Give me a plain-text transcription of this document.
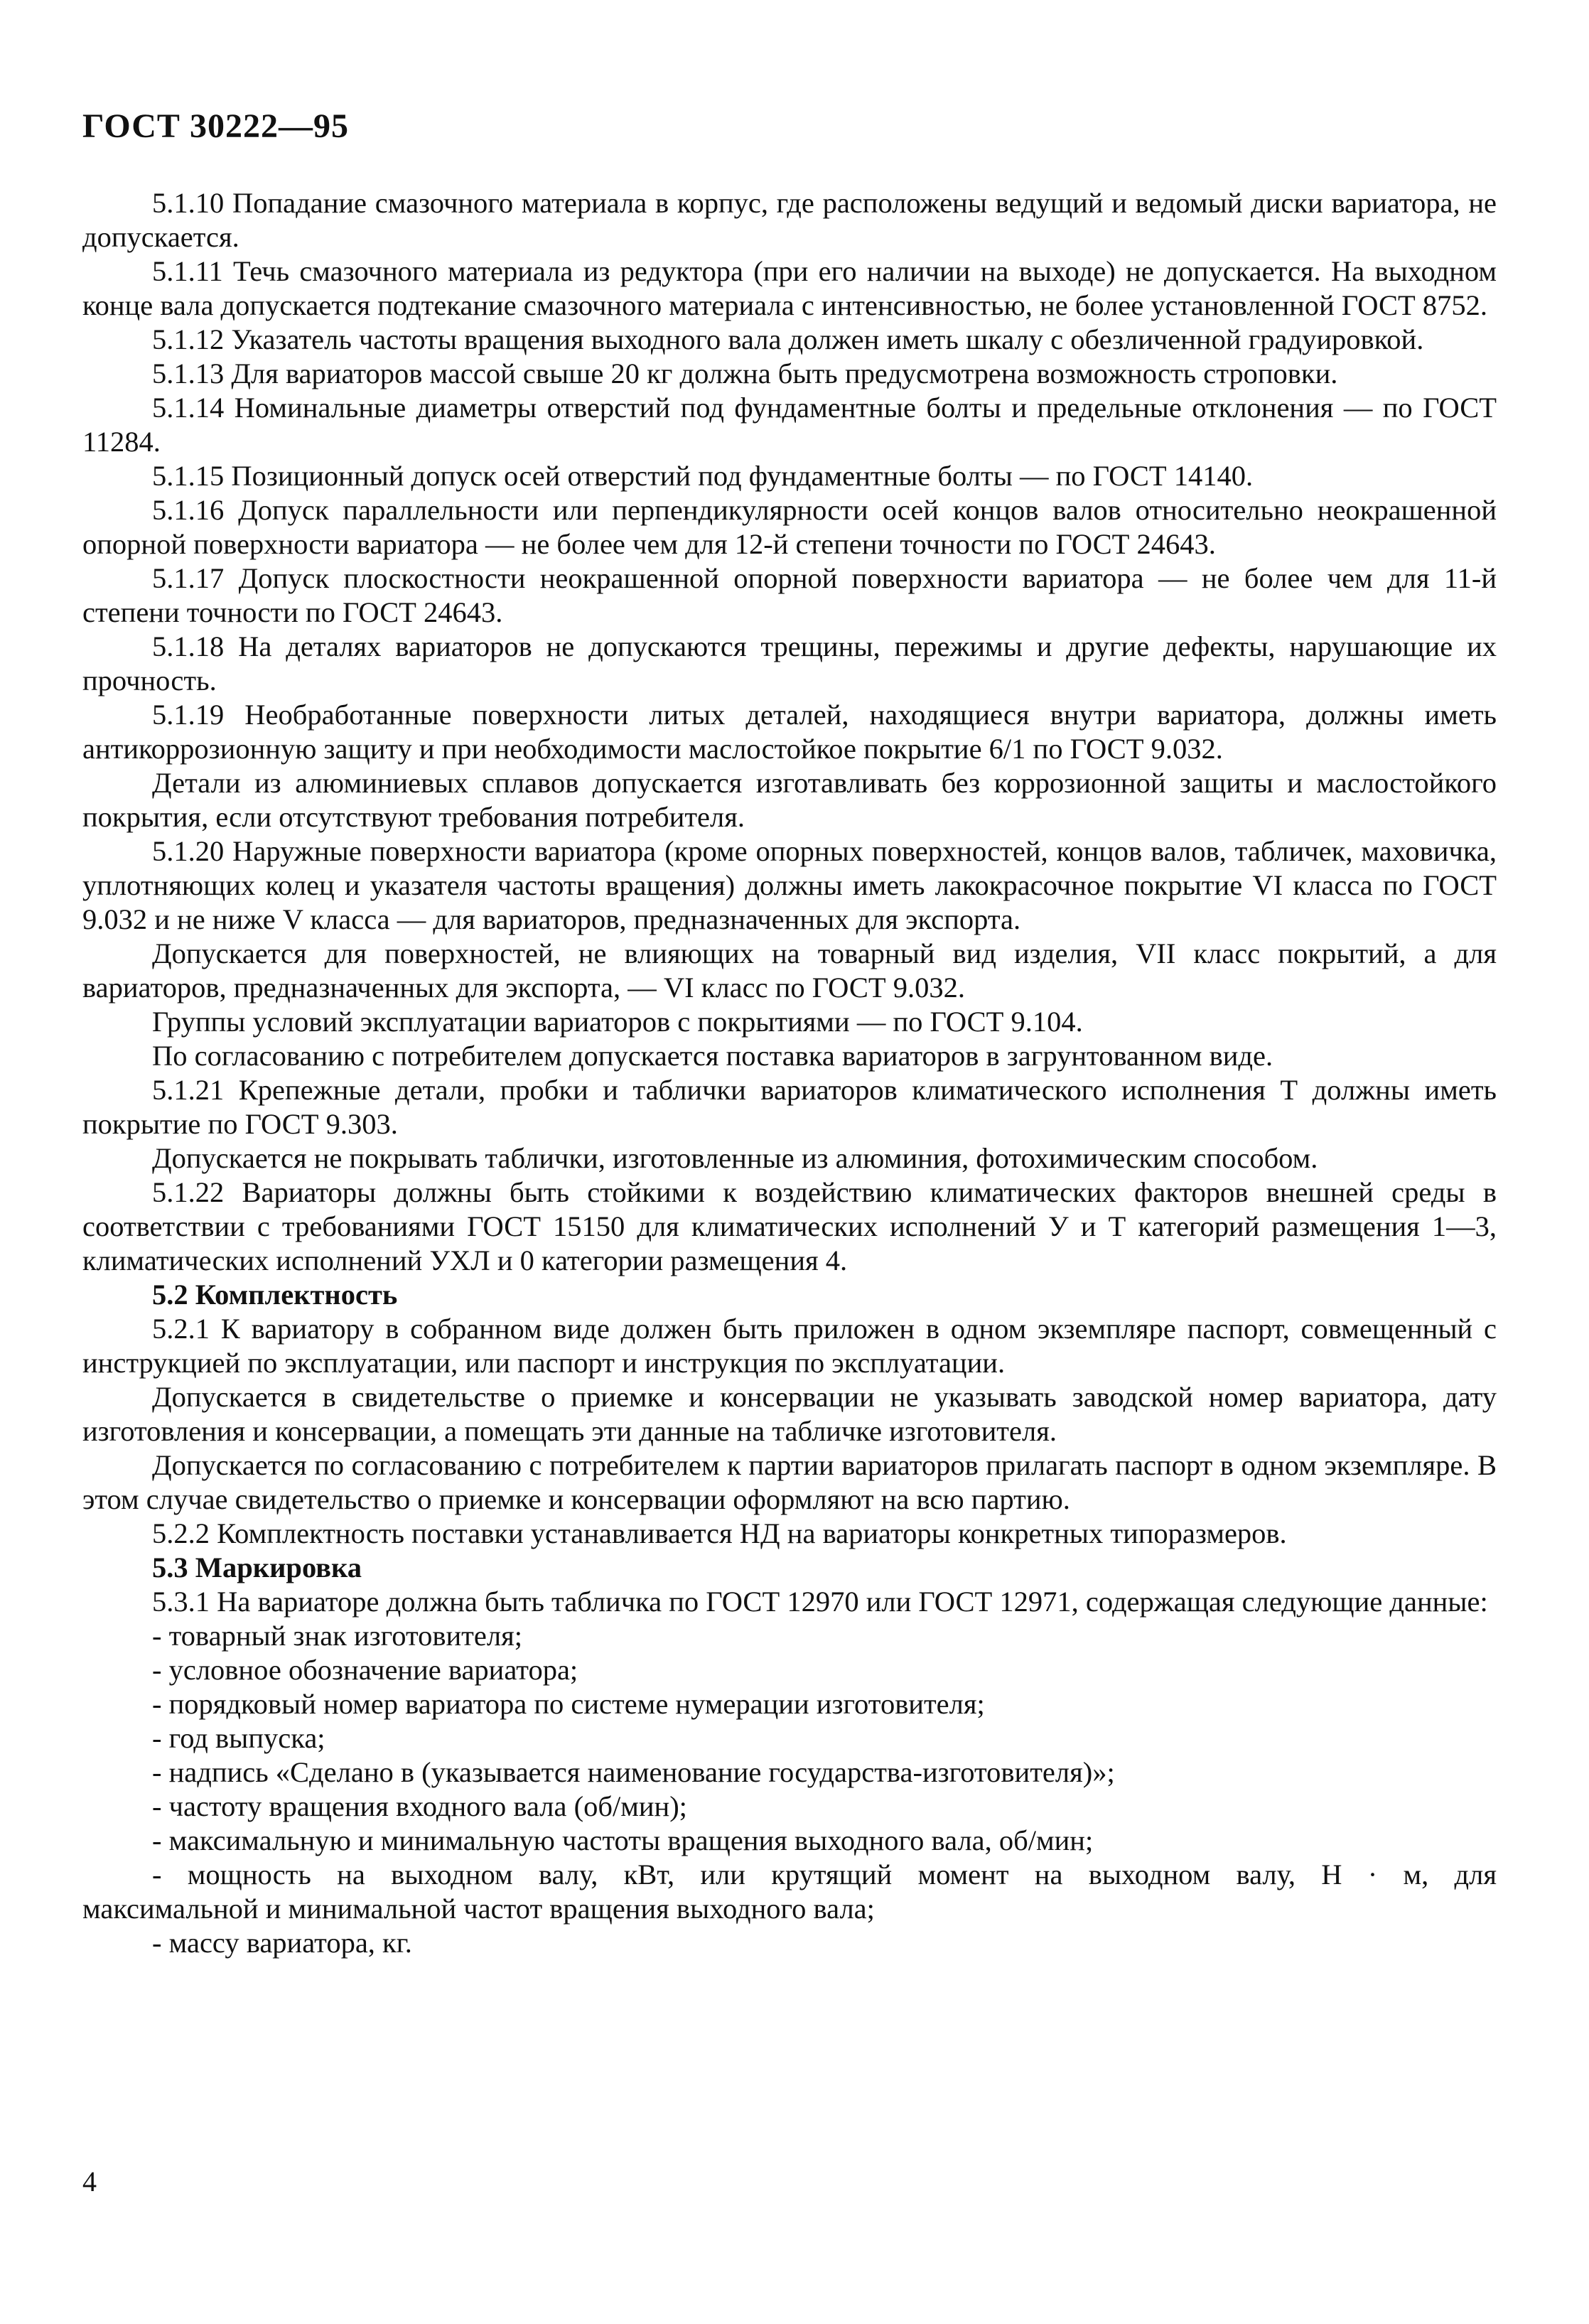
ГОСТ 30222—95

5.1.10 Попадание смазочного материала в корпус, где расположены ведущий и ведомый диски вариатора, не допускается.

5.1.11 Течь смазочного материала из редуктора (при его наличии на выходе) не допускается. На выходном конце вала допускается подтекание смазочного материала с интенсивностью, не более установленной ГОСТ 8752.

5.1.12 Указатель частоты вращения выходного вала должен иметь шкалу с обезличенной градуировкой.

5.1.13 Для вариаторов массой свыше 20 кг должна быть предусмотрена возможность строповки.

5.1.14 Номинальные диаметры отверстий под фундаментные болты и предельные отклонения — по ГОСТ 11284.

5.1.15 Позиционный допуск осей отверстий под фундаментные болты — по ГОСТ 14140.

5.1.16 Допуск параллельности или перпендикулярности осей концов валов относительно неокрашенной опорной поверхности вариатора — не более чем для 12-й степени точности по ГОСТ 24643.

5.1.17 Допуск плоскостности неокрашенной опорной поверхности вариатора — не более чем для 11-й степени точности по ГОСТ 24643.

5.1.18 На деталях вариаторов не допускаются трещины, пережимы и другие дефекты, нарушающие их прочность.

5.1.19 Необработанные поверхности литых деталей, находящиеся внутри вариатора, должны иметь антикоррозионную защиту и при необходимости маслостойкое покрытие 6/1 по ГОСТ 9.032.

Детали из алюминиевых сплавов допускается изготавливать без коррозионной защиты и маслостойкого покрытия, если отсутствуют требования потребителя.

5.1.20 Наружные поверхности вариатора (кроме опорных поверхностей, концов валов, табличек, маховичка, уплотняющих колец и указателя частоты вращения) должны иметь лакокрасочное покрытие VI класса по ГОСТ 9.032 и не ниже V класса — для вариаторов, предназначенных для экспорта.

Допускается для поверхностей, не влияющих на товарный вид изделия, VII класс покрытий, а для вариаторов, предназначенных для экспорта, — VI класс по ГОСТ 9.032.

Группы условий эксплуатации вариаторов с покрытиями — по ГОСТ 9.104.

По согласованию с потребителем допускается поставка вариаторов в загрунтованном виде.

5.1.21 Крепежные детали, пробки и таблички вариаторов климатического исполнения Т должны иметь покрытие по ГОСТ 9.303.

Допускается не покрывать таблички, изготовленные из алюминия, фотохимическим способом.

5.1.22 Вариаторы должны быть стойкими к воздействию климатических факторов внешней среды в соответствии с требованиями ГОСТ 15150 для климатических исполнений У и Т категорий размещения 1—3, климатических исполнений УХЛ и 0 категории размещения 4.

5.2 Комплектность

5.2.1 К вариатору в собранном виде должен быть приложен в одном экземпляре паспорт, совмещенный с инструкцией по эксплуатации, или паспорт и инструкция по эксплуатации.

Допускается в свидетельстве о приемке и консервации не указывать заводской номер вариатора, дату изготовления и консервации, а помещать эти данные на табличке изготовителя.

Допускается по согласованию с потребителем к партии вариаторов прилагать паспорт в одном экземпляре. В этом случае свидетельство о приемке и консервации оформляют на всю партию.

5.2.2 Комплектность поставки устанавливается НД на вариаторы конкретных типоразмеров.

5.3 Маркировка

5.3.1 На вариаторе должна быть табличка по ГОСТ 12970 или ГОСТ 12971, содержащая следующие данные:

- товарный знак изготовителя;

- условное обозначение вариатора;

- порядковый номер вариатора по системе нумерации изготовителя;

- год выпуска;

- надпись «Сделано в (указывается наименование государства-изготовителя)»;

- частоту вращения входного вала (об/мин);

- максимальную и минимальную частоты вращения выходного вала, об/мин;

- мощность на выходном валу, кВт, или крутящий момент на выходном валу, Н · м, для

максимальной и минимальной частот вращения выходного вала;

- массу вариатора, кг.

4
